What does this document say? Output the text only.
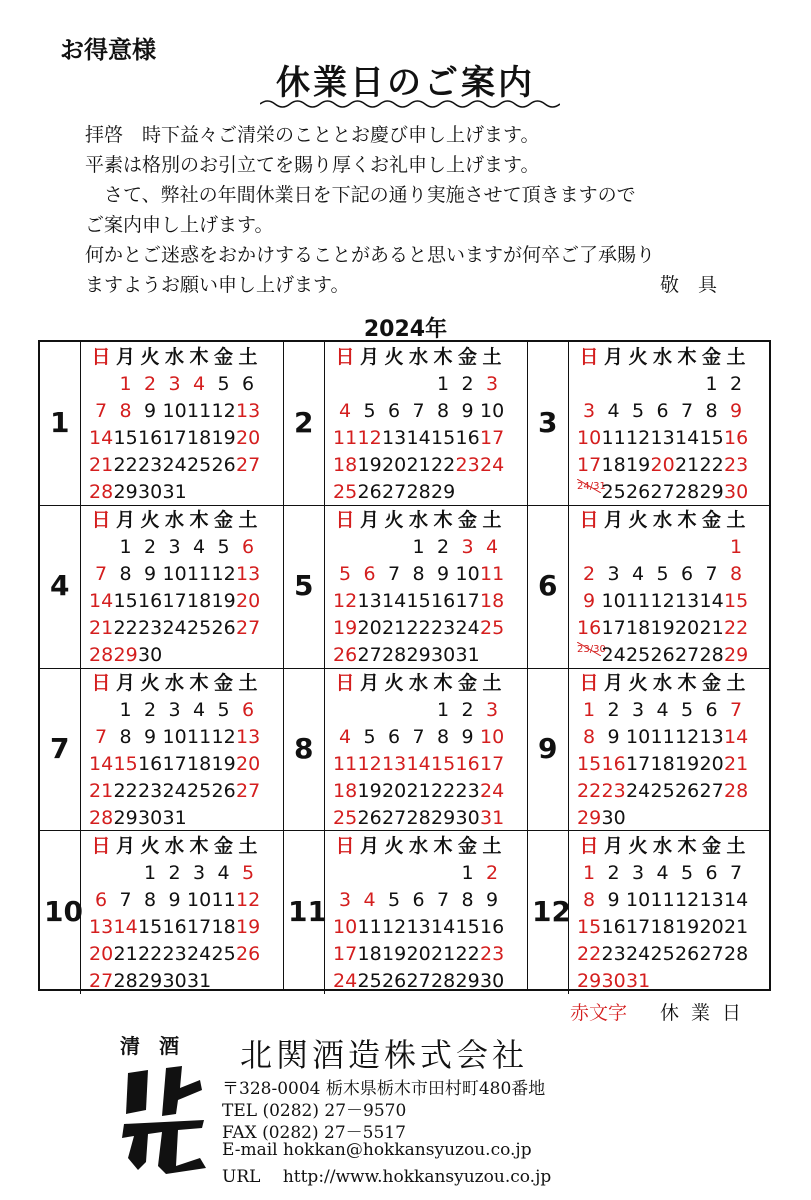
お得意様
休業日のご案内
拝啓　時下益々ご清栄のこととお慶び申し上げます。
平素は格別のお引立てを賜り厚くお礼申し上げます。
　さて、弊社の年間休業日を下記の通り実施させて頂きますので
ご案内申し上げます。
何かとご迷惑をおかけすることがあると思いますが何卒ご了承賜り
ますようお願い申し上げます。	敬　具
2024年
1
日 月 火 水 木 金 土
1 2 3 4 5 6
7 8 9 10 11 12 13
14 15 16 17 18 19 20
21 22 23 24 25 26 27
28 29 30 31
2
日 月 火 水 木 金 土
1 2 3
4 5 6 7 8 9 10
11 12 13 14 15 16 17
18 19 20 21 22 23 24
25 26 27 28 29
3
日 月 火 水 木 金 土
1 2
3 4 5 6 7 8 9
10 11 12 13 14 15 16
17 18 19 20 21 22 23
24/31
25 26 27 28 29 30
4
日 月 火 水 木 金 土
1 2 3 4 5 6
7 8 9 10 11 12 13
14 15 16 17 18 19 20
21 22 23 24 25 26 27
28 29 30
5
日 月 火 水 木 金 土
1 2 3 4
5 6 7 8 9 10 11
12 13 14 15 16 17 18
19 20 21 22 23 24 25
26 27 28 29 30 31
6
日 月 火 水 木 金 土
1
2 3 4 5 6 7 8
9 10 11 12 13 14 15
16 17 18 19 20 21 22
23/30
24 25 26 27 28 29
7
日 月 火 水 木 金 土
1 2 3 4 5 6
7 8 9 10 11 12 13
14 15 16 17 18 19 20
21 22 23 24 25 26 27
28 29 30 31
8
日 月 火 水 木 金 土
1 2 3
4 5 6 7 8 9 10
11 12 13 14 15 16 17
18 19 20 21 22 23 24
25 26 27 28 29 30 31
9
日 月 火 水 木 金 土
1 2 3 4 5 6 7
8 9 10 11 12 13 14
15 16 17 18 19 20 21
22 23 24 25 26 27 28
29 30
10
日 月 火 水 木 金 土
1 2 3 4 5
6 7 8 9 10 11 12
13 14 15 16 17 18 19
20 21 22 23 24 25 26
27 28 29 30 31
11
日 月 火 水 木 金 土
1 2
3 4 5 6 7 8 9
10 11 12 13 14 15 16
17 18 19 20 21 22 23
24 25 26 27 28 29 30
12
日 月 火 水 木 金 土
1 2 3 4 5 6 7
8 9 10 11 12 13 14
15 16 17 18 19 20 21
22 23 24 25 26 27 28
29 30 31
赤文字 休業日
清 酒 北関酒造株式会社
〒328-0004 栃木県栃木市田村町480番地
TEL (0282) 27－9570
FAX (0282) 27－5517
E-mail hokkan@hokkansyuzou.co.jp
URL 　http://www.hokkansyuzou.co.jp
